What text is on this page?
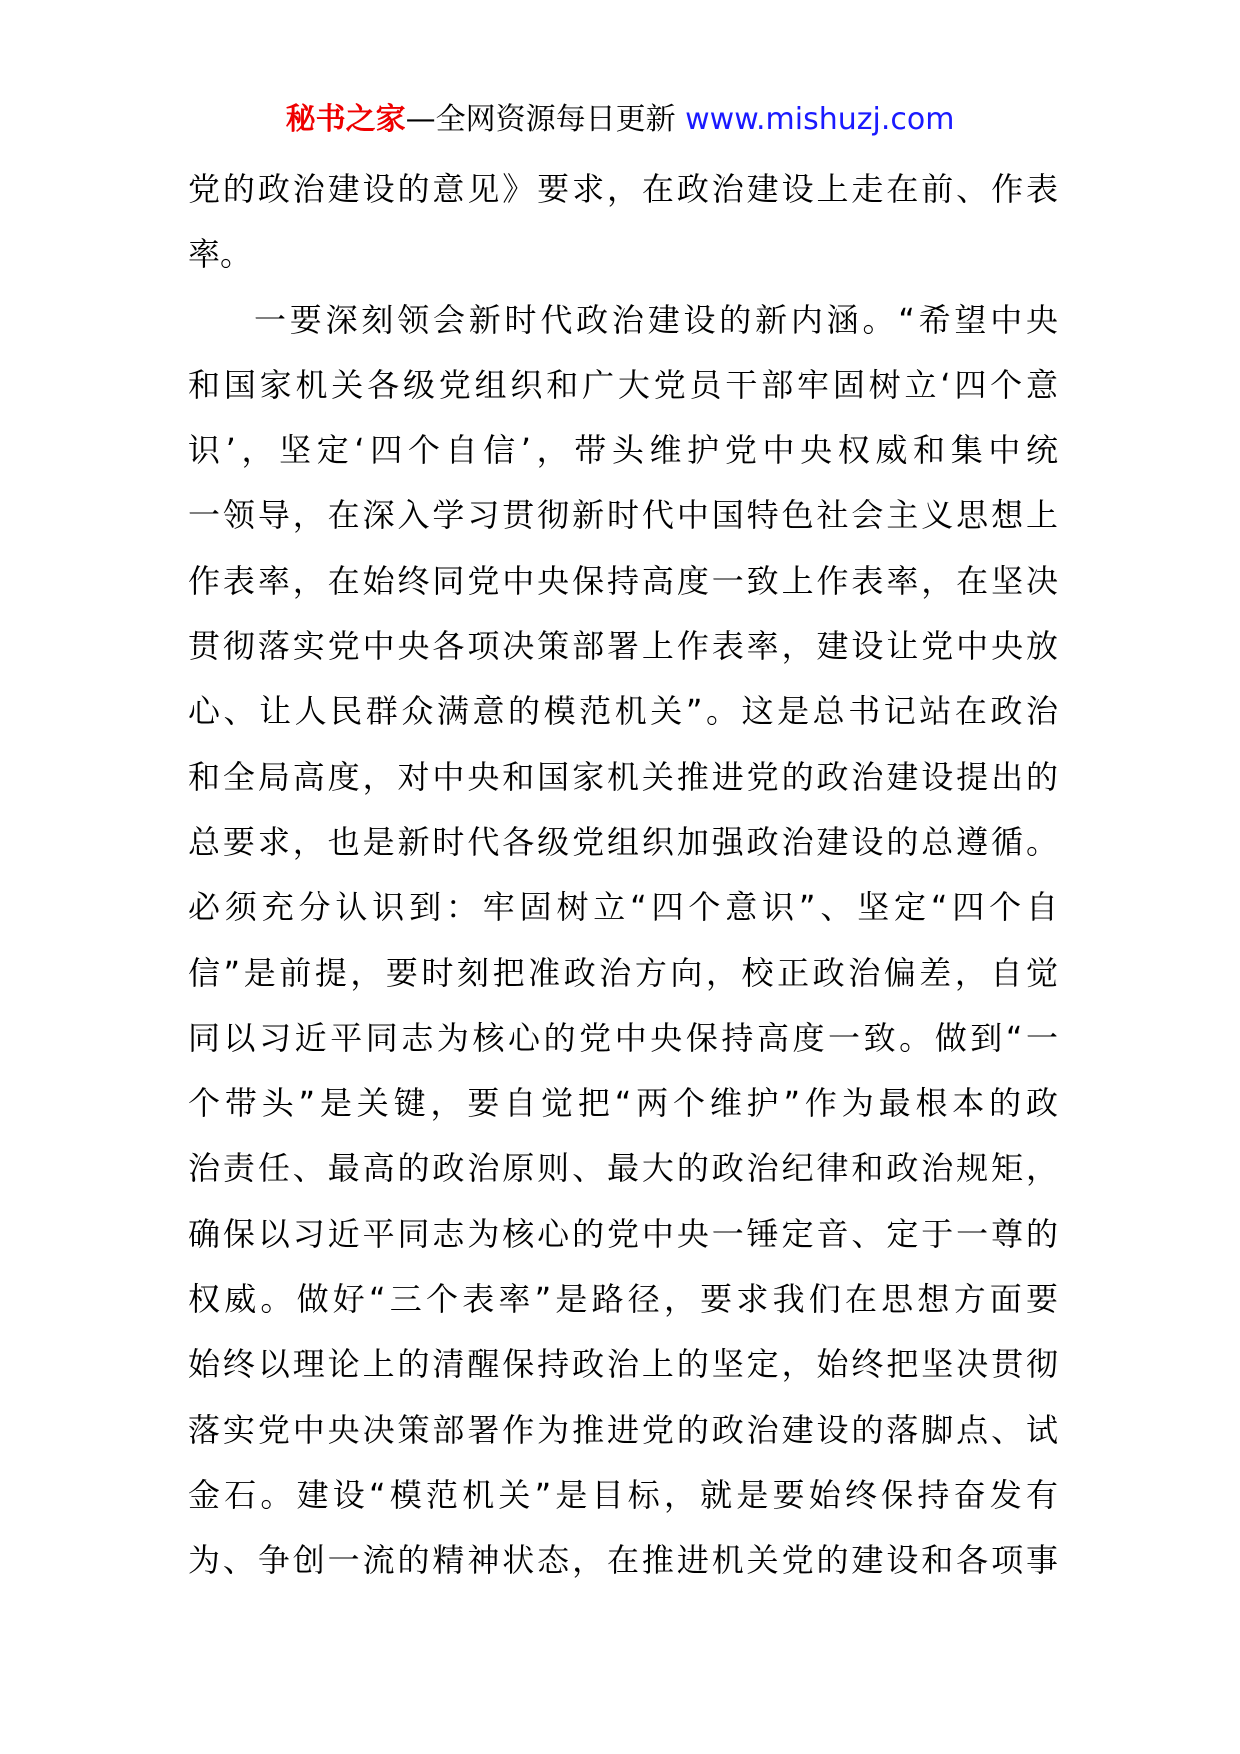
秘书之家—全网资源每日更新 www.mishuzj.com
党的政治建设的意见》要求，在政治建设上走在前、作表
率。
一要深刻领会新时代政治建设的新内涵。“希望中央
和国家机关各级党组织和广大党员干部牢固树立‘四个意
识’，坚定‘四个自信’，带头维护党中央权威和集中统
一领导，在深入学习贯彻新时代中国特色社会主义思想上
作表率，在始终同党中央保持高度一致上作表率，在坚决
贯彻落实党中央各项决策部署上作表率，建设让党中央放
心、让人民群众满意的模范机关”。这是总书记站在政治
和全局高度，对中央和国家机关推进党的政治建设提出的
总要求，也是新时代各级党组织加强政治建设的总遵循。
必须充分认识到：牢固树立“四个意识”、坚定“四个自
信”是前提，要时刻把准政治方向，校正政治偏差，自觉
同以习近平同志为核心的党中央保持高度一致。做到“一
个带头”是关键，要自觉把“两个维护”作为最根本的政
治责任、最高的政治原则、最大的政治纪律和政治规矩，
确保以习近平同志为核心的党中央一锤定音、定于一尊的
权威。做好“三个表率”是路径，要求我们在思想方面要
始终以理论上的清醒保持政治上的坚定，始终把坚决贯彻
落实党中央决策部署作为推进党的政治建设的落脚点、试
金石。建设“模范机关”是目标，就是要始终保持奋发有
为、争创一流的精神状态，在推进机关党的建设和各项事
